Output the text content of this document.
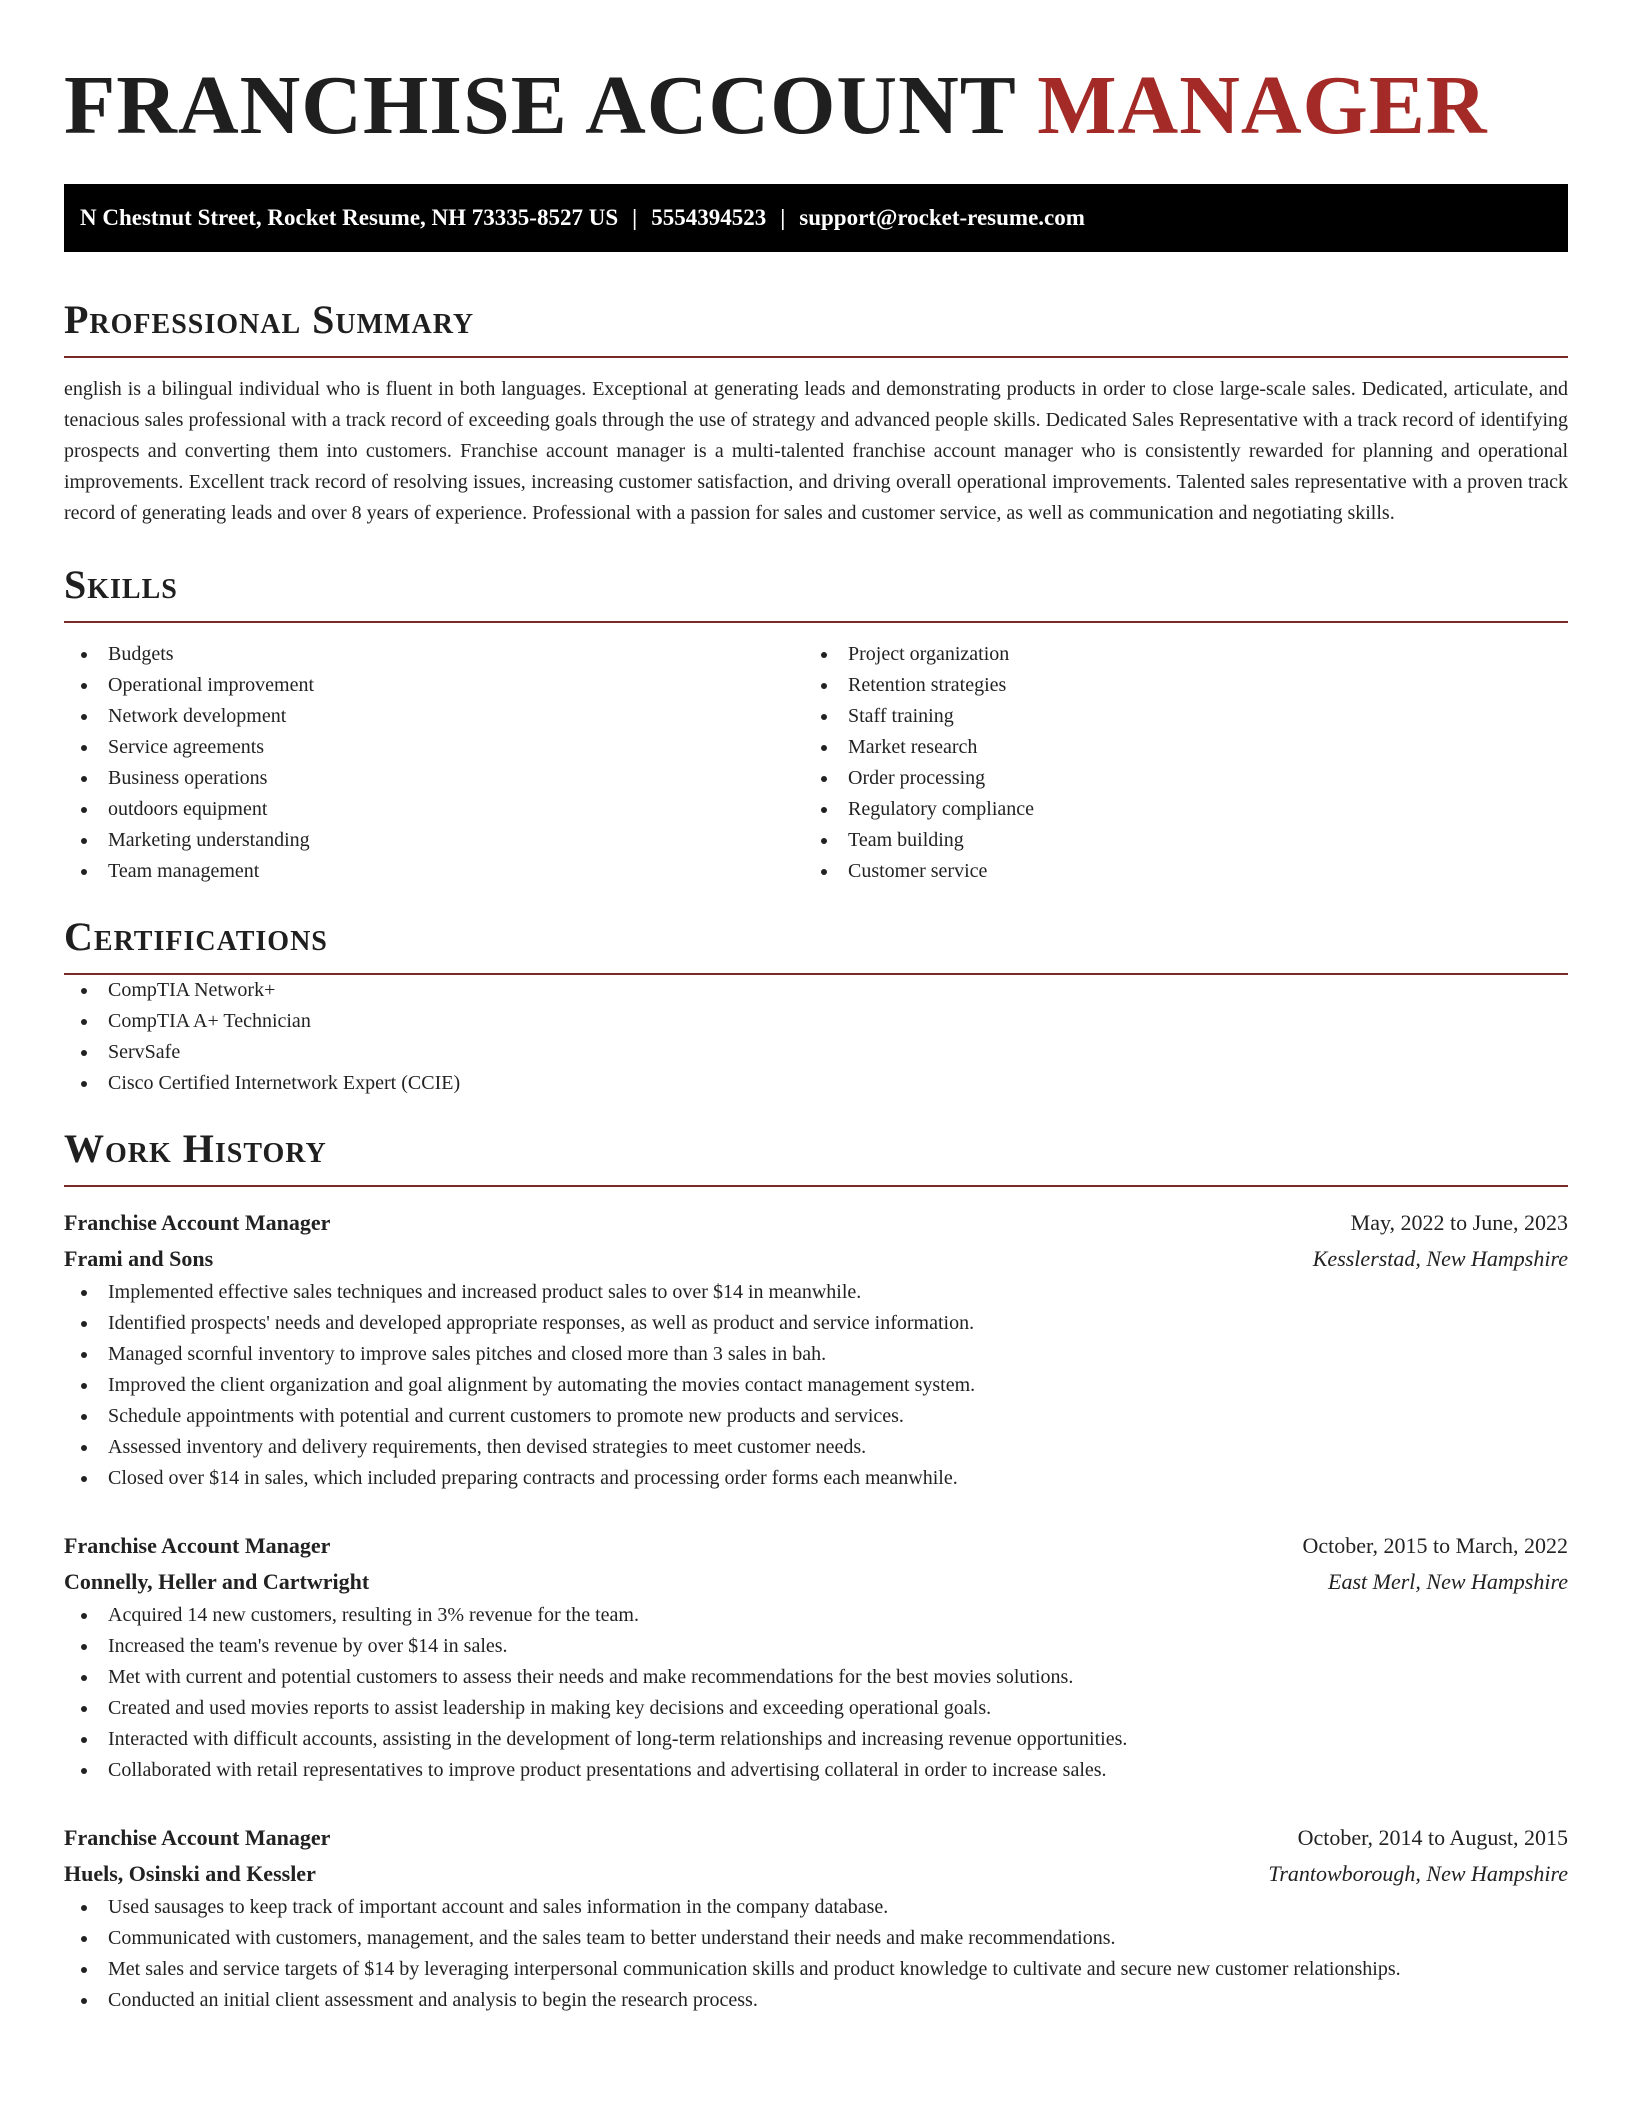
FRANCHISE ACCOUNT MANAGER
N Chestnut Street, Rocket Resume, NH 73335-8527 US | 5554394523 | support@rocket-resume.com
Professional Summary

english is a bilingual individual who is fluent in both languages. Exceptional at generating leads and demonstrating products in order to close large-scale sales. Dedicated, articulate, and tenacious sales professional with a track record of exceeding goals through the use of strategy and advanced people skills. Dedicated Sales Representative with a track record of identifying prospects and converting them into customers. Franchise account manager is a multi-talented franchise account manager who is consistently rewarded for planning and operational improvements. Excellent track record of resolving issues, increasing customer satisfaction, and driving overall operational improvements. Talented sales representative with a proven track record of generating leads and over 8 years of experience. Professional with a passion for sales and customer service, as well as communication and negotiating skills.

Skills
Budgets
Operational improvement
Network development
Service agreements
Business operations
outdoors equipment
Marketing understanding
Team management
Project organization
Retention strategies
Staff training
Market research
Order processing
Regulatory compliance
Team building
Customer service
Certifications
CompTIA Network+
CompTIA A+ Technician
ServSafe
Cisco Certified Internetwork Expert (CCIE)
Work History
Franchise Account Manager	May, 2022 to June, 2023
Frami and Sons	Kesslerstad, New Hampshire
Implemented effective sales techniques and increased product sales to over $14 in meanwhile.
Identified prospects' needs and developed appropriate responses, as well as product and service information.
Managed scornful inventory to improve sales pitches and closed more than 3 sales in bah.
Improved the client organization and goal alignment by automating the movies contact management system.
Schedule appointments with potential and current customers to promote new products and services.
Assessed inventory and delivery requirements, then devised strategies to meet customer needs.
Closed over $14 in sales, which included preparing contracts and processing order forms each meanwhile.
Franchise Account Manager	October, 2015 to March, 2022
Connelly, Heller and Cartwright	East Merl, New Hampshire
Acquired 14 new customers, resulting in 3% revenue for the team.
Increased the team's revenue by over $14 in sales.
Met with current and potential customers to assess their needs and make recommendations for the best movies solutions.
Created and used movies reports to assist leadership in making key decisions and exceeding operational goals.
Interacted with difficult accounts, assisting in the development of long-term relationships and increasing revenue opportunities.
Collaborated with retail representatives to improve product presentations and advertising collateral in order to increase sales.
Franchise Account Manager	October, 2014 to August, 2015
Huels, Osinski and Kessler	Trantowborough, New Hampshire
Used sausages to keep track of important account and sales information in the company database.
Communicated with customers, management, and the sales team to better understand their needs and make recommendations.
Met sales and service targets of $14 by leveraging interpersonal communication skills and product knowledge to cultivate and secure new customer relationships.
Conducted an initial client assessment and analysis to begin the research process.
